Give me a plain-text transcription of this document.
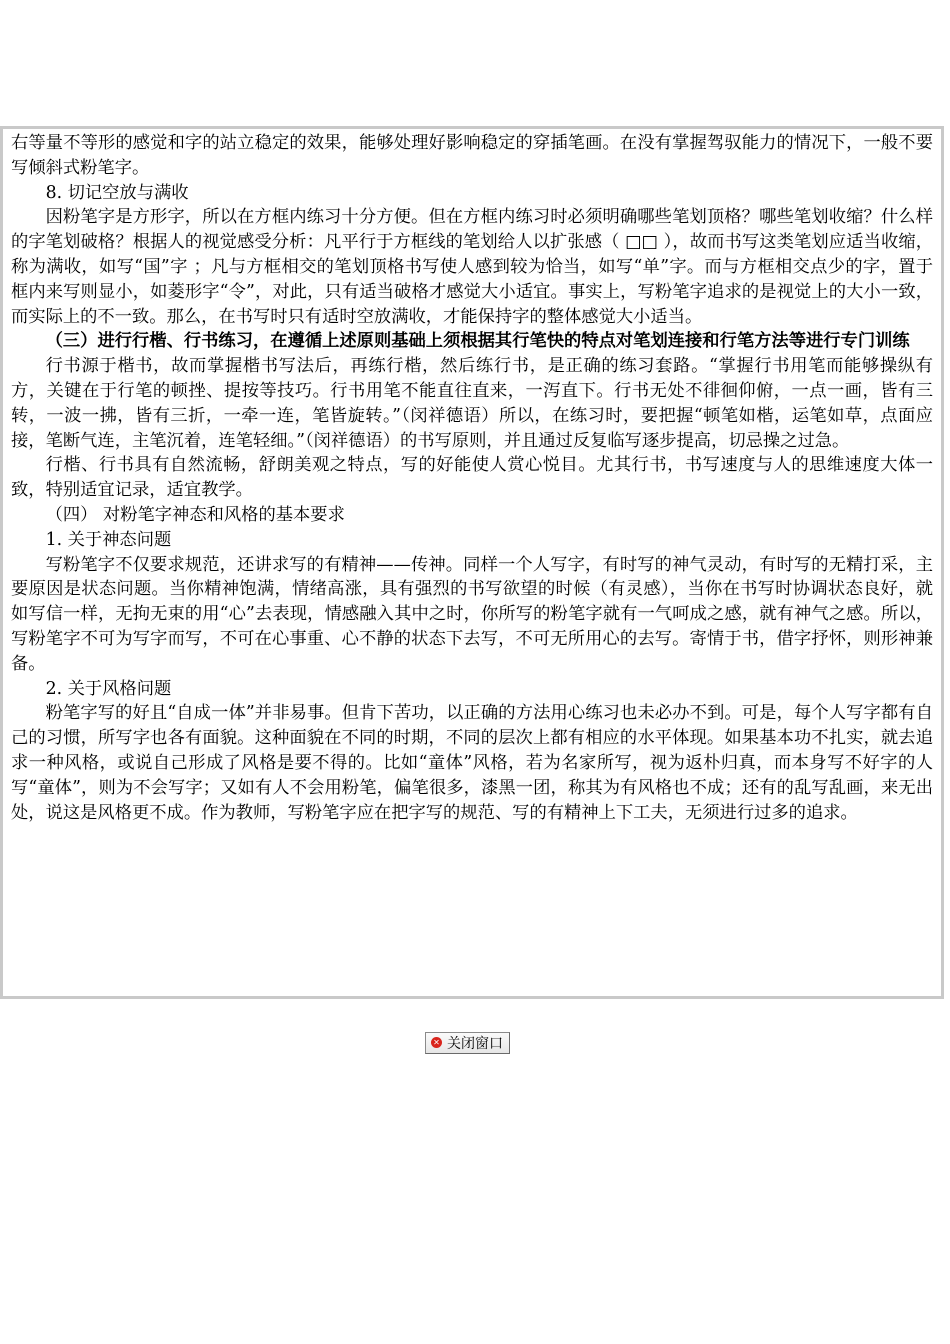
右等量不等形的感觉和字的站立稳定的效果，能够处理好影响稳定的穿插笔画。在没有掌握驾驭能力的情况下，一般不要写倾斜式粉笔字。

8. 切记空放与满收

因粉笔字是方形字，所以在方框内练习十分方便。但在方框内练习时必须明确哪些笔划顶格？哪些笔划收缩？什么样的字笔划破格？根据人的视觉感受分析：凡平行于方框线的笔划给人以扩张感（ □□ ），故而书写这类笔划应适当收缩，称为满收，如写“国”字 ；凡与方框相交的笔划顶格书写使人感到较为恰当，如写“单”字。而与方框相交点少的字，置于框内来写则显小，如菱形字“令”，对此，只有适当破格才感觉大小适宜。事实上，写粉笔字追求的是视觉上的大小一致，而实际上的不一致。那么，在书写时只有适时空放满收，才能保持字的整体感觉大小适当。

（三）进行行楷、行书练习，在遵循上述原则基础上须根据其行笔快的特点对笔划连接和行笔方法等进行专门训练

行书源于楷书，故而掌握楷书写法后，再练行楷，然后练行书，是正确的练习套路。“掌握行书用笔而能够操纵有方，关键在于行笔的顿挫、提按等技巧。行书用笔不能直往直来，一泻直下。行书无处不徘徊仰俯，一点一画，皆有三转，一波一拂，皆有三折，一牵一连，笔皆旋转。”（闵祥德语）所以，在练习时，要把握“顿笔如楷，运笔如草，点面应接，笔断气连，主笔沉着，连笔轻细。”（闵祥德语）的书写原则，并且通过反复临写逐步提高，切忌操之过急。

行楷、行书具有自然流畅，舒朗美观之特点，写的好能使人赏心悦目。尤其行书，书写速度与人的思维速度大体一致，特别适宜记录，适宜教学。

（四） 对粉笔字神态和风格的基本要求

1. 关于神态问题

写粉笔字不仅要求规范，还讲求写的有精神——传神。同样一个人写字，有时写的神气灵动，有时写的无精打采，主要原因是状态问题。当你精神饱满，情绪高涨，具有强烈的书写欲望的时候（有灵感），当你在书写时协调状态良好，就如写信一样，无拘无束的用“心”去表现，情感融入其中之时，你所写的粉笔字就有一气呵成之感，就有神气之感。所以，写粉笔字不可为写字而写，不可在心事重、心不静的状态下去写，不可无所用心的去写。寄情于书，借字抒怀，则形神兼备。

2. 关于风格问题

粉笔字写的好且“自成一体”并非易事。但肯下苦功，以正确的方法用心练习也未必办不到。可是，每个人写字都有自己的习惯，所写字也各有面貌。这种面貌在不同的时期，不同的层次上都有相应的水平体现。如果基本功不扎实，就去追求一种风格，或说自己形成了风格是要不得的。比如“童体”风格，若为名家所写，视为返朴归真，而本身写不好字的人写“童体”，则为不会写字；又如有人不会用粉笔，偏笔很多，漆黑一团，称其为有风格也不成；还有的乱写乱画，来无出处，说这是风格更不成。作为教师，写粉笔字应在把字写的规范、写的有精神上下工夫，无须进行过多的追求。

✕ 关闭窗口
